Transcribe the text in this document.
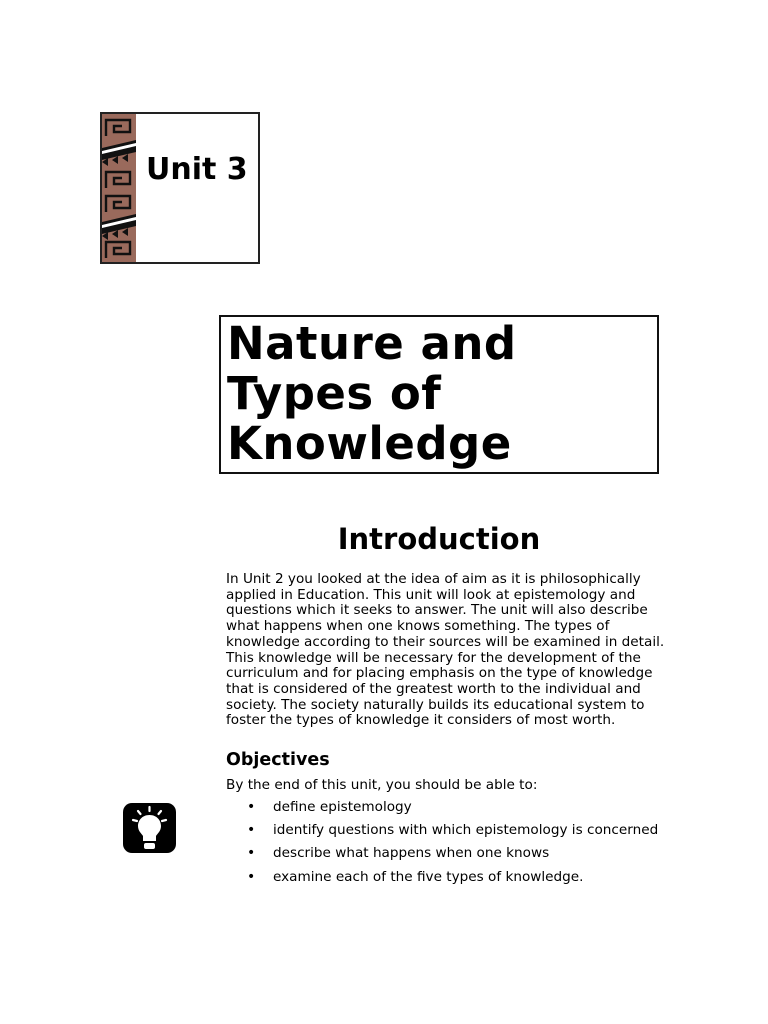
Unit 3
Nature and
Types of
Knowledge
Introduction
In Unit 2 you looked at the idea of aim as it is philosophically applied in Education. This unit will look at epistemology and questions which it seeks to answer. The unit will also describe what happens when one knows something. The types of knowledge according to their sources will be examined in detail. This knowledge will be necessary for the development of the curriculum and for placing emphasis on the type of knowledge that is considered of the greatest worth to the individual and society. The society naturally builds its educational system to foster the types of knowledge it considers of most worth.
Objectives
By the end of this unit, you should be able to:
• define epistemology
• identify questions with which epistemology is concerned
• describe what happens when one knows
• examine each of the five types of knowledge.
